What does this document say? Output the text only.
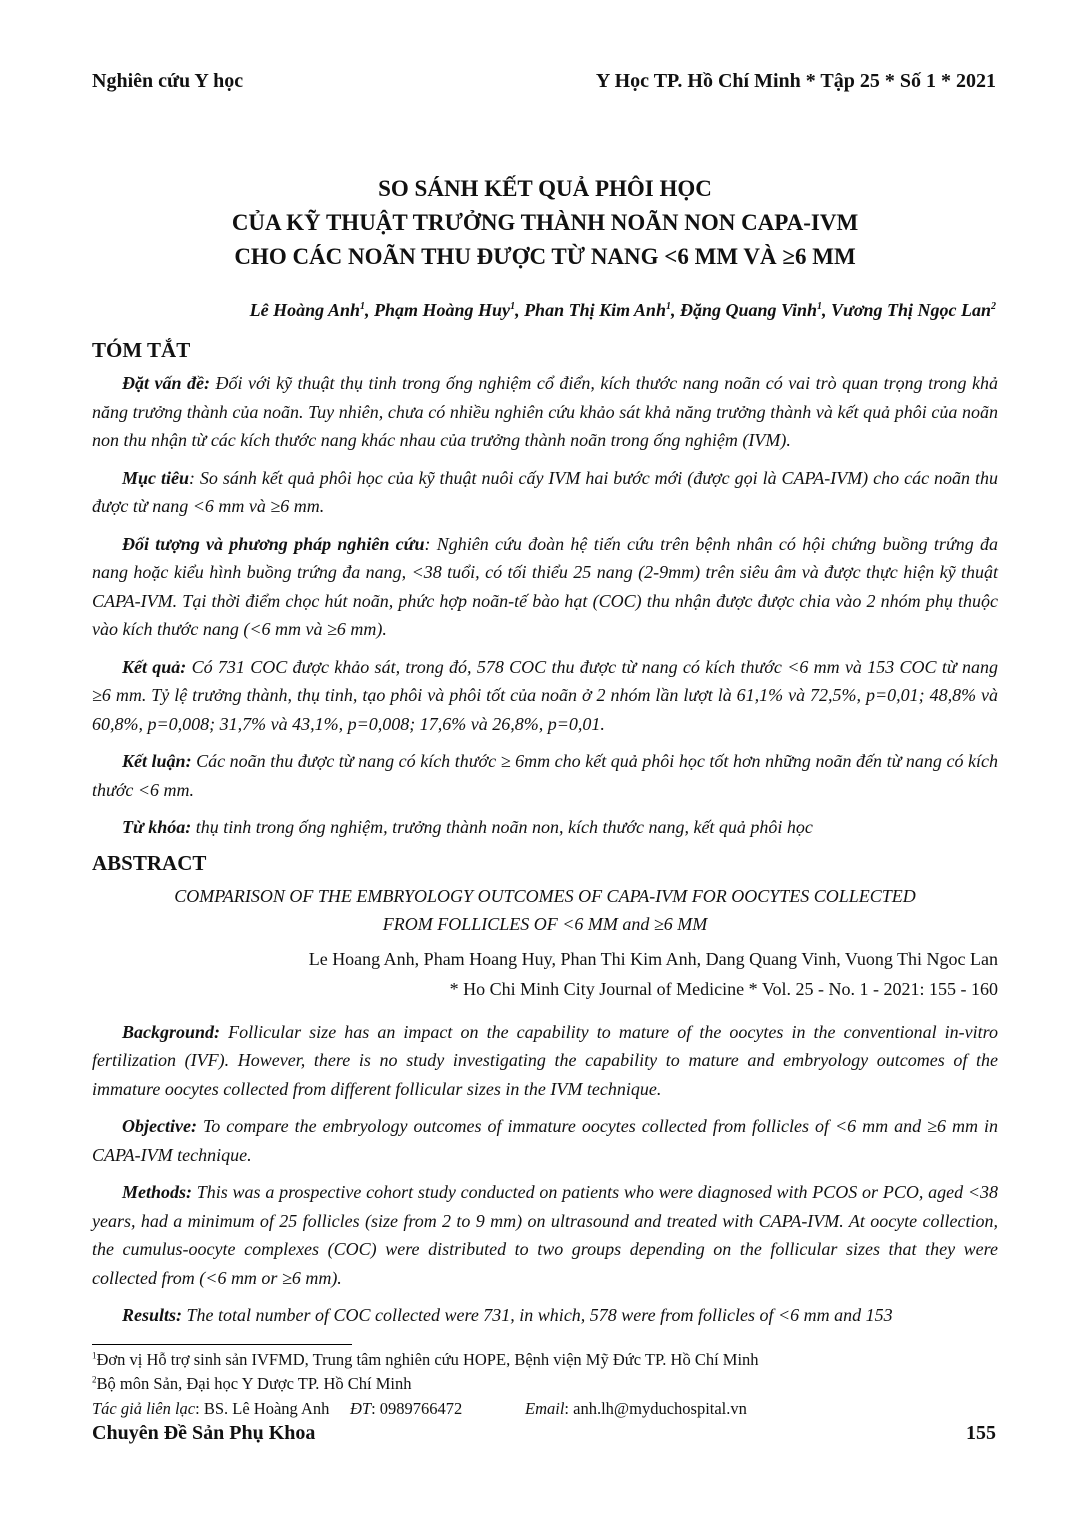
Nghiên cứu Y học	Y Học TP. Hồ Chí Minh * Tập 25 * Số 1 * 2021
SO SÁNH KẾT QUẢ PHÔI HỌC
CỦA KỸ THUẬT TRƯỞNG THÀNH NOÃN NON CAPA-IVM
CHO CÁC NOÃN THU ĐƯỢC TỪ NANG <6 MM VÀ ≥6 MM
Lê Hoàng Anh$^1$, Phạm Hoàng Huy$^1$, Phan Thị Kim Anh$^1$, Đặng Quang Vinh$^1$, Vương Thị Ngọc Lan$^2$
TÓM TẮT

Đặt vấn đề: Đối với kỹ thuật thụ tinh trong ống nghiệm cổ điển, kích thước nang noãn có vai trò quan trọng trong khả năng trưởng thành của noãn. Tuy nhiên, chưa có nhiều nghiên cứu khảo sát khả năng trưởng thành và kết quả phôi của noãn non thu nhận từ các kích thước nang khác nhau của trưởng thành noãn trong ống nghiệm (IVM).

Mục tiêu: So sánh kết quả phôi học của kỹ thuật nuôi cấy IVM hai bước mới (được gọi là CAPA-IVM) cho các noãn thu được từ nang <6 mm và ≥6 mm.

Đối tượng và phương pháp nghiên cứu: Nghiên cứu đoàn hệ tiến cứu trên bệnh nhân có hội chứng buồng trứng đa nang hoặc kiểu hình buồng trứng đa nang, <38 tuổi, có tối thiểu 25 nang (2-9mm) trên siêu âm và được thực hiện kỹ thuật CAPA-IVM. Tại thời điểm chọc hút noãn, phức hợp noãn-tế bào hạt (COC) thu nhận được được chia vào 2 nhóm phụ thuộc vào kích thước nang (<6 mm và ≥6 mm).

Kết quả: Có 731 COC được khảo sát, trong đó, 578 COC thu được từ nang có kích thước <6 mm và 153 COC từ nang ≥6 mm. Tỷ lệ trưởng thành, thụ tinh, tạo phôi và phôi tốt của noãn ở 2 nhóm lần lượt là 61,1% và 72,5%, p=0,01; 48,8% và 60,8%, p=0,008; 31,7% và 43,1%, p=0,008; 17,6% và 26,8%, p=0,01.

Kết luận: Các noãn thu được từ nang có kích thước ≥ 6mm cho kết quả phôi học tốt hơn những noãn đến từ nang có kích thước <6 mm.

Từ khóa: thụ tinh trong ống nghiệm, trưởng thành noãn non, kích thước nang, kết quả phôi học

ABSTRACT

COMPARISON OF THE EMBRYOLOGY OUTCOMES OF CAPA-IVM FOR OOCYTES COLLECTED
FROM FOLLICLES OF <6 MM and ≥6 MM

Le Hoang Anh, Pham Hoang Huy, Phan Thi Kim Anh, Dang Quang Vinh, Vuong Thi Ngoc Lan

* Ho Chi Minh City Journal of Medicine * Vol. 25 - No. 1 - 2021: 155 - 160

Background: Follicular size has an impact on the capability to mature of the oocytes in the conventional in-vitro fertilization (IVF). However, there is no study investigating the capability to mature and embryology outcomes of the immature oocytes collected from different follicular sizes in the IVM technique.

Objective: To compare the embryology outcomes of immature oocytes collected from follicles of <6 mm and ≥6 mm in CAPA-IVM technique.

Methods: This was a prospective cohort study conducted on patients who were diagnosed with PCOS or PCO, aged <38 years, had a minimum of 25 follicles (size from 2 to 9 mm) on ultrasound and treated with CAPA-IVM. At oocyte collection, the cumulus-oocyte complexes (COC) were distributed to two groups depending on the follicular sizes that they were collected from (<6 mm or ≥6 mm).

Results: The total number of COC collected were 731, in which, 578 were from follicles of <6 mm and 153

$^1$Đơn vị Hỗ trợ sinh sản IVFMD, Trung tâm nghiên cứu HOPE, Bệnh viện Mỹ Đức TP. Hồ Chí Minh
$^2$Bộ môn Sản, Đại học Y Dược TP. Hồ Chí Minh
Tác giả liên lạc: BS. Lê Hoàng Anh ĐT: 0989766472	Email: anh.lh@myduchospital.vn
Chuyên Đề Sản Phụ Khoa	155
